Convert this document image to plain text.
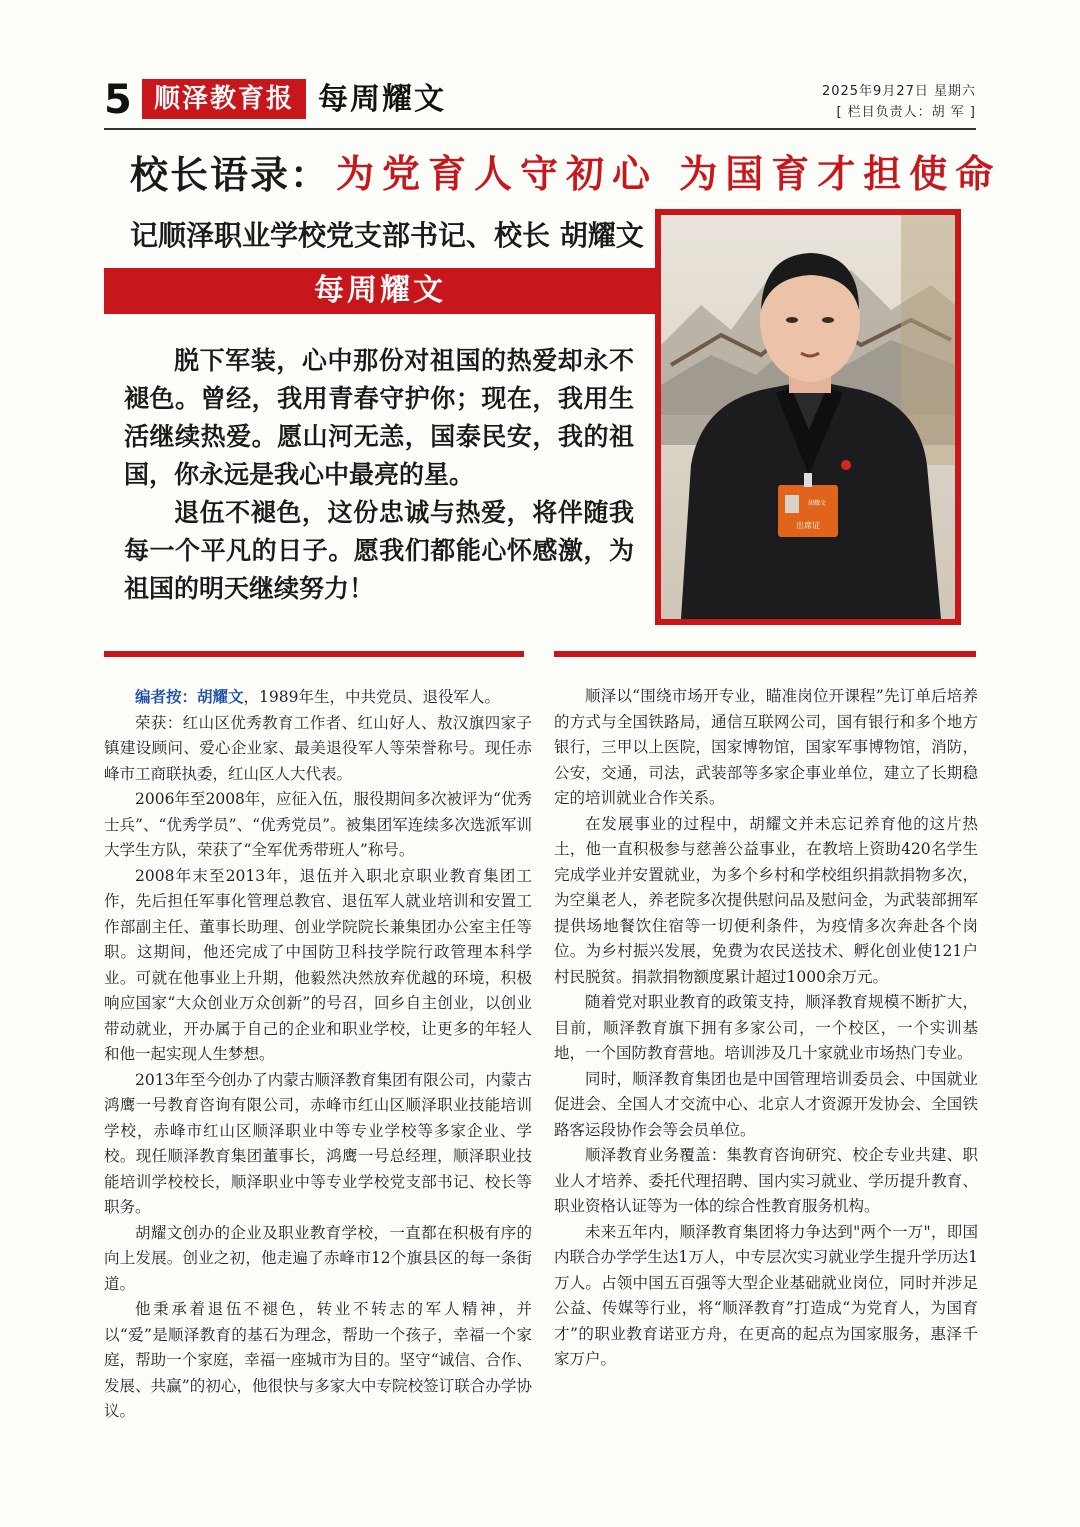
5 顺泽教育报 每周耀文	2025年9月27日 星期六
[ 栏目负责人：胡 军 ]
校长语录： 为党育人守初心 为国育才担使命
记顺泽职业学校党支部书记、校长 胡耀文
每周耀文

脱下军装，心中那份对祖国的热爱却永不褪色。曾经，我用青春守护你；现在，我用生活继续热爱。愿山河无恙，国泰民安，我的祖国，你永远是我心中最亮的星。

退伍不褪色，这份忠诚与热爱，将伴随我每一个平凡的日子。愿我们都能心怀感激，为祖国的明天继续努力！

胡耀文
出席证

编者按：胡耀文，1989年生，中共党员、退役军人。

荣获：红山区优秀教育工作者、红山好人、敖汉旗四家子镇建设顾问、爱心企业家、最美退役军人等荣誉称号。现任赤峰市工商联执委，红山区人大代表。

2006年至2008年，应征入伍，服役期间多次被评为“优秀士兵”、“优秀学员”、“优秀党员”。被集团军连续多次选派军训大学生方队，荣获了“全军优秀带班人”称号。

2008年末至2013年，退伍并入职北京职业教育集团工作，先后担任军事化管理总教官、退伍军人就业培训和安置工作部副主任、董事长助理、创业学院院长兼集团办公室主任等职。这期间，他还完成了中国防卫科技学院行政管理本科学业。可就在他事业上升期，他毅然决然放弃优越的环境，积极响应国家“大众创业万众创新”的号召，回乡自主创业，以创业带动就业，开办属于自己的企业和职业学校，让更多的年轻人和他一起实现人生梦想。

2013年至今创办了内蒙古顺泽教育集团有限公司，内蒙古鸿鹰一号教育咨询有限公司，赤峰市红山区顺泽职业技能培训学校，赤峰市红山区顺泽职业中等专业学校等多家企业、学校。现任顺泽教育集团董事长，鸿鹰一号总经理，顺泽职业技能培训学校校长，顺泽职业中等专业学校党支部书记、校长等职务。

胡耀文创办的企业及职业教育学校，一直都在积极有序的向上发展。创业之初，他走遍了赤峰市12个旗县区的每一条街道。

他秉承着退伍不褪色，转业不转志的军人精神，并以“爱”是顺泽教育的基石为理念，帮助一个孩子，幸福一个家庭，帮助一个家庭，幸福一座城市为目的。坚守“诚信、合作、发展、共赢”的初心，他很快与多家大中专院校签订联合办学协议。

顺泽以“围绕市场开专业，瞄准岗位开课程”先订单后培养的方式与全国铁路局，通信互联网公司，国有银行和多个地方银行，三甲以上医院，国家博物馆，国家军事博物馆，消防，公安，交通，司法，武装部等多家企事业单位，建立了长期稳定的培训就业合作关系。

在发展事业的过程中，胡耀文并未忘记养育他的这片热土，他一直积极参与慈善公益事业，在教培上资助420名学生完成学业并安置就业，为多个乡村和学校组织捐款捐物多次，为空巢老人，养老院多次提供慰问品及慰问金，为武装部拥军提供场地餐饮住宿等一切便利条件，为疫情多次奔赴各个岗位。为乡村振兴发展，免费为农民送技术、孵化创业使121户村民脱贫。捐款捐物额度累计超过1000余万元。

随着党对职业教育的政策支持，顺泽教育规模不断扩大，目前，顺泽教育旗下拥有多家公司，一个校区，一个实训基地，一个国防教育营地。培训涉及几十家就业市场热门专业。

同时，顺泽教育集团也是中国管理培训委员会、中国就业促进会、全国人才交流中心、北京人才资源开发协会、全国铁路客运段协作会等会员单位。

顺泽教育业务覆盖：集教育咨询研究、校企专业共建、职业人才培养、委托代理招聘、国内实习就业、学历提升教育、职业资格认证等为一体的综合性教育服务机构。

未来五年内，顺泽教育集团将力争达到"两个一万"，即国内联合办学学生达1万人，中专层次实习就业学生提升学历达1万人。占领中国五百强等大型企业基础就业岗位，同时并涉足公益、传媒等行业，将“顺泽教育”打造成“为党育人，为国育才”的职业教育诺亚方舟，在更高的起点为国家服务，惠泽千家万户。
